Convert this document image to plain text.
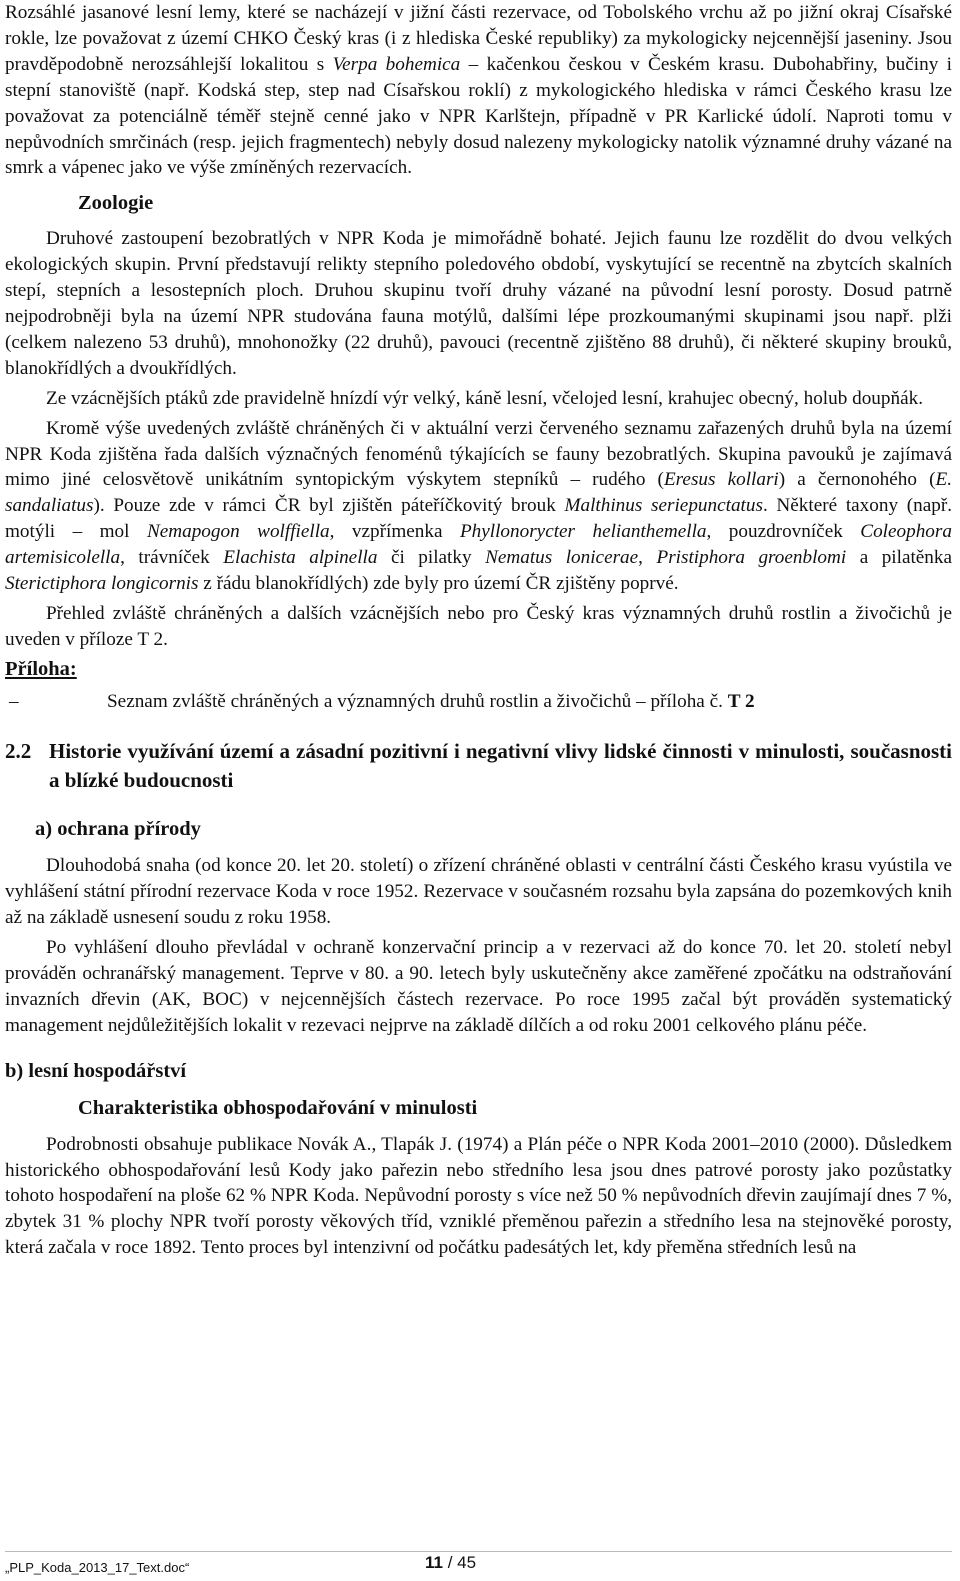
Rozsáhlé jasanové lesní lemy, které se nacházejí v jižní části rezervace, od Tobolského vrchu až po jižní okraj Císařské rokle, lze považovat z území CHKO Český kras (i z hlediska České republiky) za mykologicky nejcennější jaseniny. Jsou pravděpodobně nerozsáhlejší lokalitou s Verpa bohemica – kačenkou českou v Českém krasu. Dubohabřiny, bučiny i stepní stanoviště (např. Kodská step, step nad Císařskou roklí) z mykologického hlediska v rámci Českého krasu lze považovat za potenciálně téměř stejně cenné jako v NPR Karlštejn, případně v PR Karlické údolí. Naproti tomu v nepůvodních smrčinách (resp. jejich fragmentech) nebyly dosud nalezeny mykologicky natolik významné druhy vázané na smrk a vápenec jako ve výše zmíněných rezervacích.

Zoologie

Druhové zastoupení bezobratlých v NPR Koda je mimořádně bohaté. Jejich faunu lze rozdělit do dvou velkých ekologických skupin. První představují relikty stepního poledového období, vyskytující se recentně na zbytcích skalních stepí, stepních a lesostepních ploch. Druhou skupinu tvoří druhy vázané na původní lesní porosty. Dosud patrně nejpodrobněji byla na území NPR studována fauna motýlů, dalšími lépe prozkoumanými skupinami jsou např. plži (celkem nalezeno 53 druhů), mnohonožky (22 druhů), pavouci (recentně zjištěno 88 druhů), či některé skupiny brouků, blanokřídlých a dvoukřídlých.

Ze vzácnějších ptáků zde pravidelně hnízdí výr velký, káně lesní, včelojed lesní, krahujec obecný, holub doupňák.

Kromě výše uvedených zvláště chráněných či v aktuální verzi červeného seznamu zařazených druhů byla na území NPR Koda zjištěna řada dalších význačných fenoménů týkajících se fauny bezobratlých. Skupina pavouků je zajímavá mimo jiné celosvětově unikátním syntopickým výskytem stepníků – rudého (Eresus kollari) a černonohého (E. sandaliatus). Pouze zde v rámci ČR byl zjištěn páteříčkovitý brouk Malthinus seriepunctatus. Některé taxony (např. motýli – mol Nemapogon wolffiella, vzpřímenka Phyllonorycter helianthemella, pouzdrovníček Coleophora artemisicolella, trávníček Elachista alpinella či pilatky Nematus lonicerae, Pristiphora groenblomi a pilatěnka Sterictiphora longicornis z řádu blanokřídlých) zde byly pro území ČR zjištěny poprvé.

Přehled zvláště chráněných a dalších vzácnějších nebo pro Český kras významných druhů rostlin a živočichů je uveden v příloze T 2.

Příloha:
–	Seznam zvláště chráněných a významných druhů rostlin a živočichů – příloha č. T 2
2.2 Historie využívání území a zásadní pozitivní i negativní vlivy lidské činnosti v minulosti, současnosti a blízké budoucnosti
a) ochrana přírody

Dlouhodobá snaha (od konce 20. let 20. století) o zřízení chráněné oblasti v centrální části Českého krasu vyústila ve vyhlášení státní přírodní rezervace Koda v roce 1952. Rezervace v současném rozsahu byla zapsána do pozemkových knih až na základě usnesení soudu z roku 1958.

Po vyhlášení dlouho převládal v ochraně konzervační princip a v rezervaci až do konce 70. let 20. století nebyl prováděn ochranářský management. Teprve v 80. a 90. letech byly uskutečněny akce zaměřené zpočátku na odstraňování invazních dřevin (AK, BOC) v nejcennějších částech rezervace. Po roce 1995 začal být prováděn systematický management nejdůležitějších lokalit v rezevaci nejprve na základě dílčích a od roku 2001 celkového plánu péče.

b) lesní hospodářství
Charakteristika obhospodařování v minulosti

Podrobnosti obsahuje publikace Novák A., Tlapák J. (1974) a Plán péče o NPR Koda 2001–2010 (2000). Důsledkem historického obhospodařování lesů Kody jako pařezin nebo středního lesa jsou dnes patrové porosty jako pozůstatky tohoto hospodaření na ploše 62 % NPR Koda. Nepůvodní porosty s více než 50 % nepůvodních dřevin zaujímají dnes 7 %, zbytek 31 % plochy NPR tvoří porosty věkových tříd, vzniklé přeměnou pařezin a středního lesa na stejnověké porosty, která začala v roce 1892. Tento proces byl intenzivní od počátku padesátých let, kdy přeměna středních lesů na

„PLP_Koda_2013_17_Text.doc“	11 / 45
